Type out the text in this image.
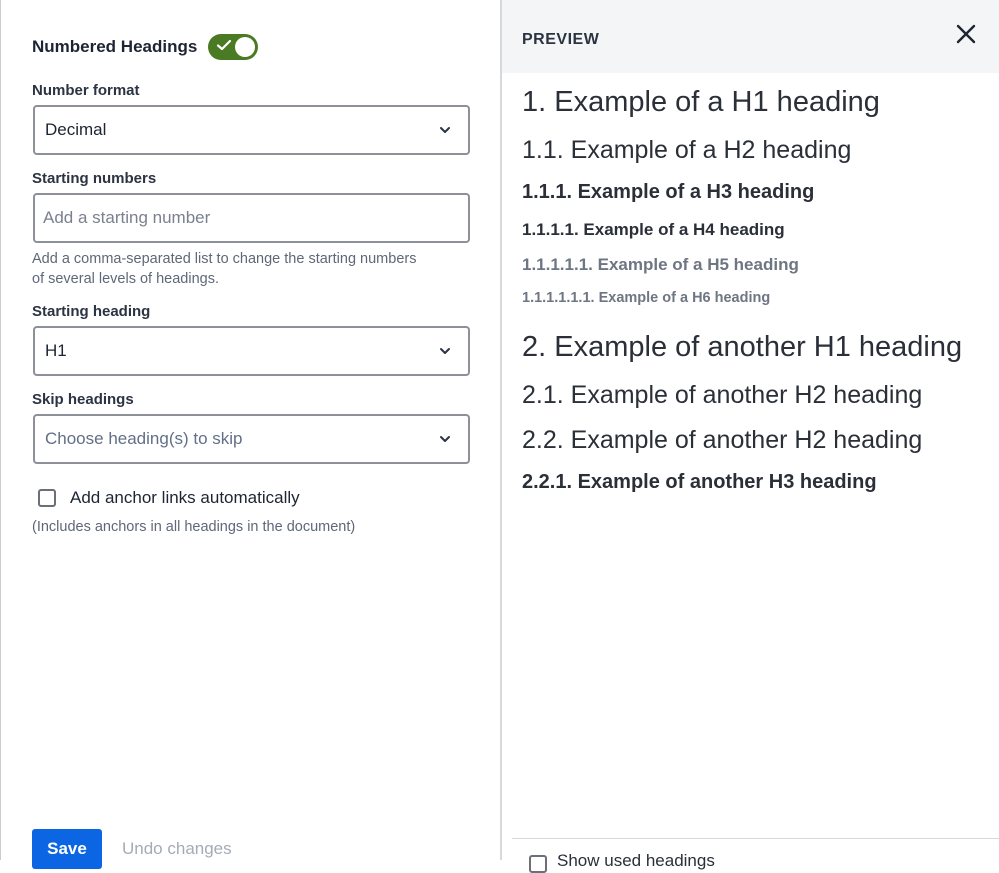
Numbered Headings
Number format
Decimal
Starting numbers
Add a starting number
Add a comma-separated list to change the starting numbers
of several levels of headings.
Starting heading
H1
Skip headings
Choose heading(s) to skip
Add anchor links automatically
(Includes anchors in all headings in the document)
Save	Undo changes
PREVIEW
1. Example of a H1 heading
1.1. Example of a H2 heading
1.1.1. Example of a H3 heading
1.1.1.1. Example of a H4 heading
1.1.1.1.1. Example of a H5 heading
1.1.1.1.1.1. Example of a H6 heading
2. Example of another H1 heading
2.1. Example of another H2 heading
2.2. Example of another H2 heading
2.2.1. Example of another H3 heading
Show used headings
